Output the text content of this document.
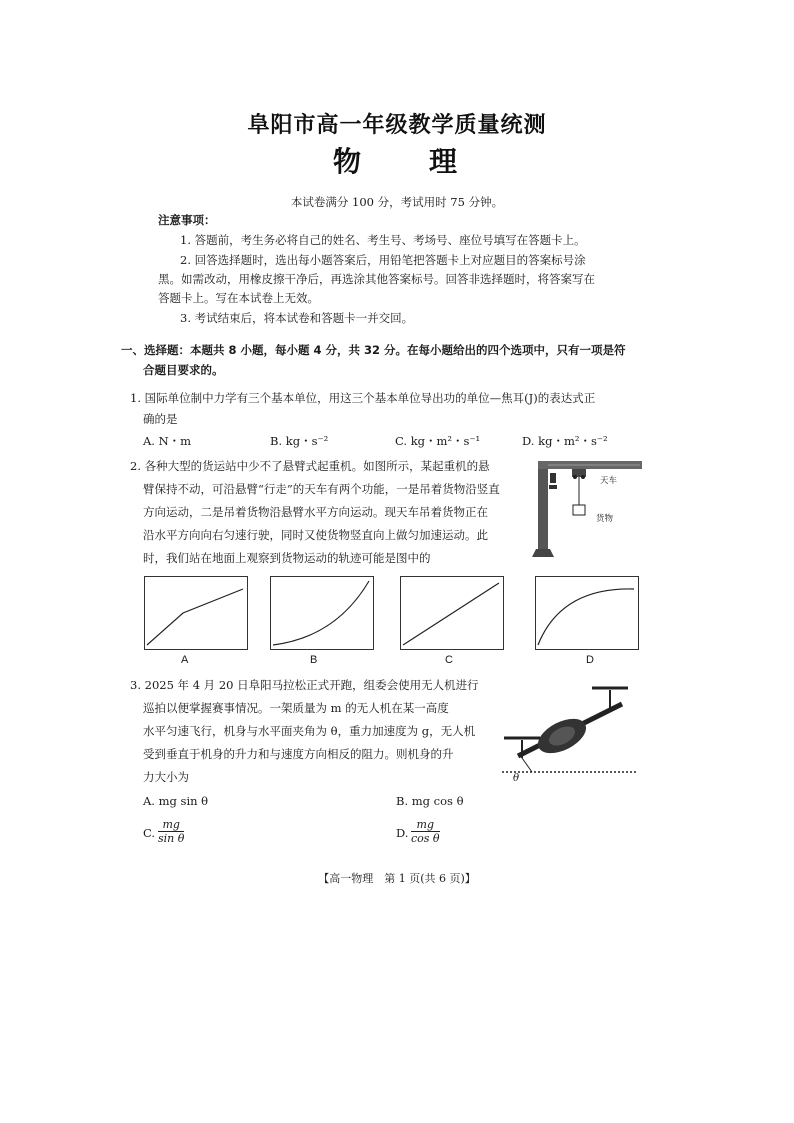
阜阳市高一年级教学质量统测
物　　理
本试卷满分 100 分，考试用时 75 分钟。
注意事项：
1. 答题前，考生务必将自己的姓名、考生号、考场号、座位号填写在答题卡上。
2. 回答选择题时，选出每小题答案后，用铅笔把答题卡上对应题目的答案标号涂
黑。如需改动，用橡皮擦干净后，再选涂其他答案标号。回答非选择题时，将答案写在
答题卡上。写在本试卷上无效。
3. 考试结束后，将本试卷和答题卡一并交回。
一、选择题：本题共 8 小题，每小题 4 分，共 32 分。在每小题给出的四个选项中，只有一项是符
合题目要求的。
1. 国际单位制中力学有三个基本单位，用这三个基本单位导出功的单位—焦耳(J)的表达式正
确的是
A. N・m	B. kg・s⁻²	C. kg・m²・s⁻¹	D. kg・m²・s⁻²
2. 各种大型的货运站中少不了悬臂式起重机。如图所示，某起重机的悬
臂保持不动，可沿悬臂“行走”的天车有两个功能，一是吊着货物沿竖直
方向运动，二是吊着货物沿悬臂水平方向运动。现天车吊着货物正在
沿水平方向向右匀速行驶，同时又使货物竖直向上做匀加速运动。此
时，我们站在地面上观察到货物运动的轨迹可能是图中的
天车
货物
A	B	C	D
3. 2025 年 4 月 20 日阜阳马拉松正式开跑，组委会使用无人机进行
巡拍以便掌握赛事情况。一架质量为 m 的无人机在某一高度
水平匀速飞行，机身与水平面夹角为 θ，重力加速度为 g，无人机
受到垂直于机身的升力和与速度方向相反的阻力。则机身的升
力大小为	θ
A. mg sin θ	B. mg cos θ
C. $\frac{mg}{\text{sin θ}}$	D. $\frac{mg}{\text{cos θ}}$
【高一物理　第 1 页(共 6 页)】
